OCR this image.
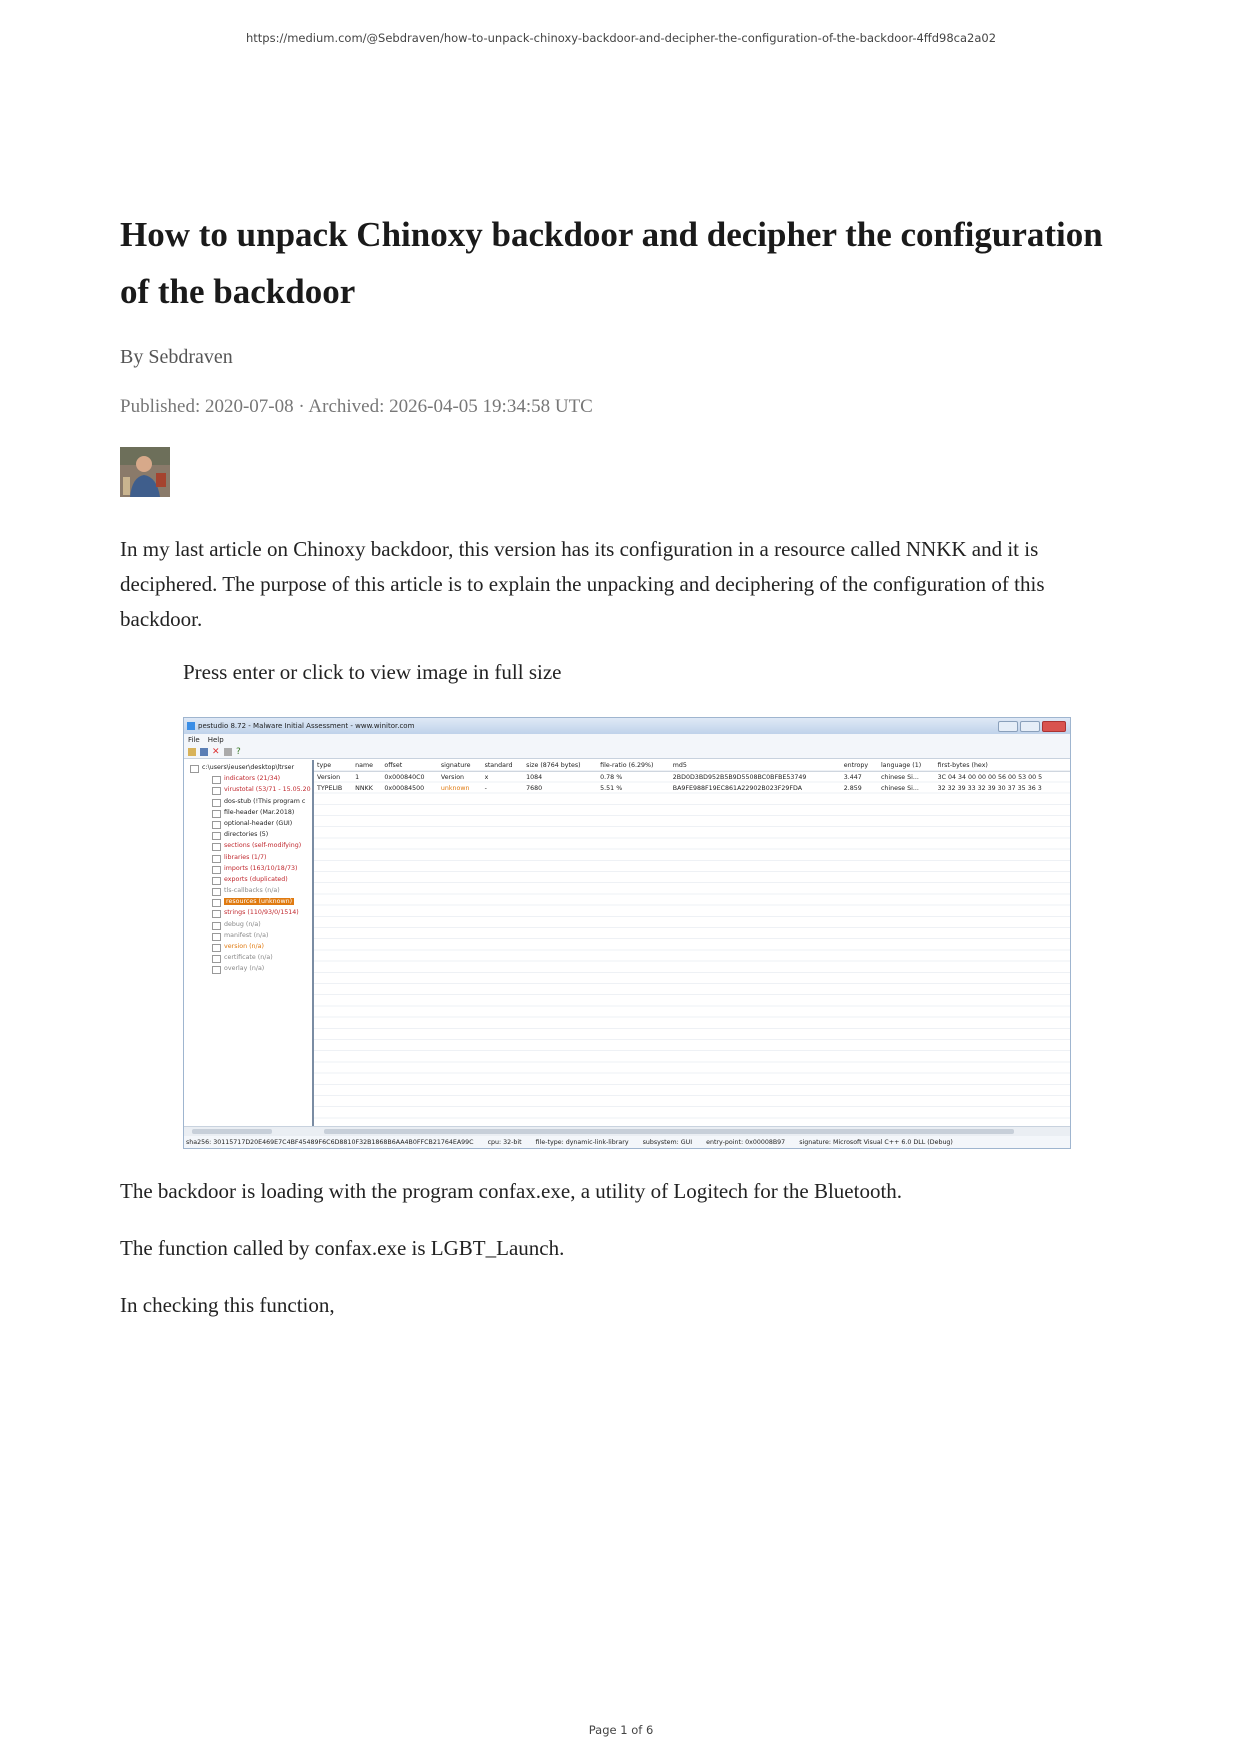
https://medium.com/@Sebdraven/how-to-unpack-chinoxy-backdoor-and-decipher-the-configuration-of-the-backdoor-4ffd98ca2a02
How to unpack Chinoxy backdoor and decipher the configuration of the backdoor
By Sebdraven
Published: 2020-07-08 · Archived: 2026-04-05 19:34:58 UTC

In my last article on Chinoxy backdoor, this version has its configuration in a resource called NNKK and it is deciphered. The purpose of this article is to explain the unpacking and deciphering of the configuration of this backdoor.

Press enter or click to view image in full size
pestudio 8.72 - Malware Initial Assessment - www.winitor.com
File Help
✕ ?
c:\users\ieuser\desktop\ltrser
indicators (21/34)
virustotal (53/71 - 15.05.20
dos-stub (!This program c
file-header (Mar.2018)
optional-header (GUI)
directories (5)
sections (self-modifying)
libraries (1/7)
imports (163/10/18/73)
exports (duplicated)
tls-callbacks (n/a)
resources (unknown)
strings (110/93/0/1514)
debug (n/a)
manifest (n/a)
version (n/a)
certificate (n/a)
overlay (n/a)
type	name	offset	signature	standard	size (8764 bytes)	file-ratio (6.29%)	md5	entropy	language (1)	first-bytes (hex)
Version	1	0x000840C0	Version	x	1084	0.78 %	2BD0D3BD952B5B9D5508BC0BFBE53749	3.447	chinese Si...	3C 04 34 00 00 00 56 00 53 00 5
TYPELIB	NNKK	0x00084500	unknown	-	7680	5.51 %	BA9FE988F19EC861A22902B023F29FDA	2.859	chinese Si...	32 32 39 33 32 39 30 37 35 36 3
sha256: 30115717D20E469E7C4BF45489F6C6D8810F32B1868B6AA4B0FFCB21764EA99C cpu: 32-bit file-type: dynamic-link-library subsystem: GUI entry-point: 0x00008B97 signature: Microsoft Visual C++ 6.0 DLL (Debug)

The backdoor is loading with the program confax.exe, a utility of Logitech for the Bluetooth.

The function called by confax.exe is LGBT_Launch.

In checking this function,

Page 1 of 6
